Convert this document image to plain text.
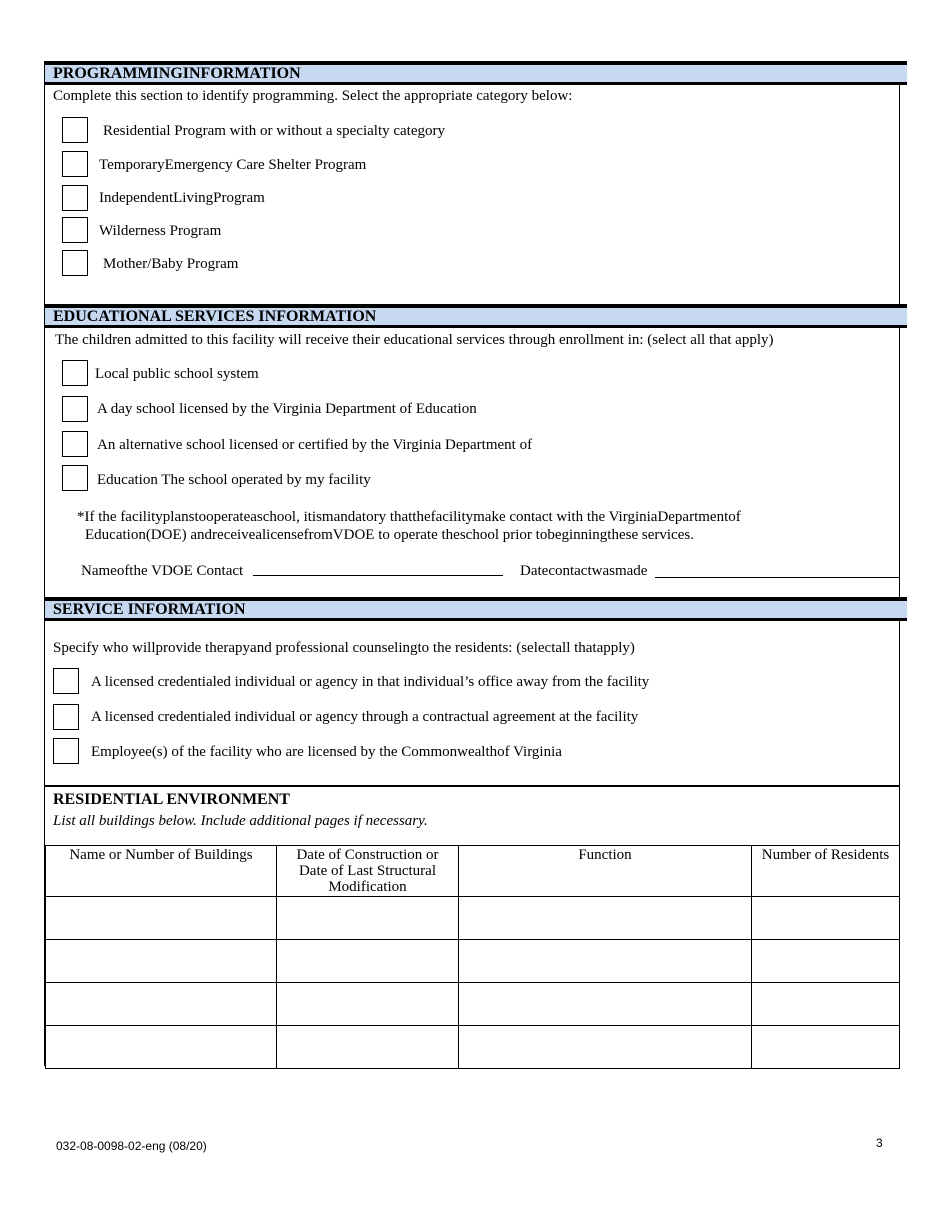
PROGRAMMINGINFORMATION
Complete this section to identify programming. Select the appropriate category below:
Residential Program with or without a specialty category
TemporaryEmergency Care Shelter Program
IndependentLivingProgram
Wilderness Program
Mother/Baby Program
EDUCATIONAL SERVICES INFORMATION
The children admitted to this facility will receive their educational services through enrollment in: (select all that apply)
Local public school system
A day school licensed by the Virginia Department of Education
An alternative school licensed or certified by the Virginia Department of
Education The school operated by my facility
*If the facilityplanstooperateaschool, itismandatory thatthefacilitymake contact with the VirginiaDepartmentof
Education(DOE) andreceivealicensefromVDOE to operate theschool prior tobeginningthese services.
Nameofthe VDOE Contact	Datecontactwasmade
SERVICE INFORMATION
Specify who willprovide therapyand professional counselingto the residents: (selectall thatapply)
A licensed credentialed individual or agency in that individual’s office away from the facility
A licensed credentialed individual or agency through a contractual agreement at the facility
Employee(s) of the facility who are licensed by the Commonwealthof Virginia
RESIDENTIAL ENVIRONMENT
List all buildings below. Include additional pages if necessary.
Name or Number of Buildings	Date of Construction or Date of Last Structural Modification	Function	Number of Residents

032-08-0098-02-eng (08/20)	3
